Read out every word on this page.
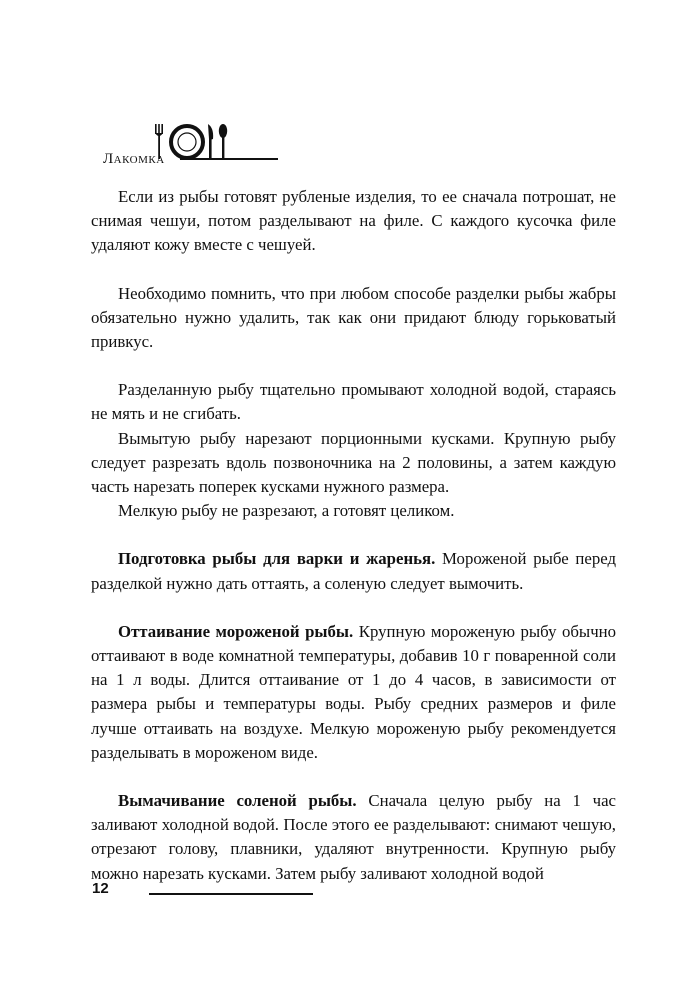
Лакомка

Если из рыбы готовят рубленые изделия, то ее сначала потрошат, не снимая чешуи, потом разделывают на филе. С каждого кусочка филе удаляют кожу вместе с чешуей.

Необходимо помнить, что при любом способе разделки рыбы жабры обязательно нужно удалить, так как они придают блюду горьковатый привкус.

Разделанную рыбу тщательно промывают холодной водой, стараясь не мять и не сгибать.

Вымытую рыбу нарезают порционными кусками. Крупную рыбу следует разрезать вдоль позвоночника на 2 половины, а затем каждую часть нарезать поперек кусками нужного размера.

Мелкую рыбу не разрезают, а готовят целиком.

Подготовка рыбы для варки и жаренья. Мороженой рыбе перед разделкой нужно дать оттаять, а соленую следует вымочить.

Оттаивание мороженой рыбы. Крупную мороженую рыбу обычно оттаивают в воде комнатной температуры, добавив 10 г поваренной соли на 1 л воды. Длится оттаивание от 1 до 4 часов, в зависимости от размера рыбы и температуры воды. Рыбу средних размеров и филе лучше оттаивать на воздухе. Мелкую мороженую рыбу рекомендуется разделывать в мороженом виде.

Вымачивание соленой рыбы. Сначала целую рыбу на 1 час заливают холодной водой. После этого ее разделывают: снимают чешую, отрезают голову, плавники, удаляют внутренности. Крупную рыбу можно нарезать кусками. Затем рыбу заливают холодной водой

12
